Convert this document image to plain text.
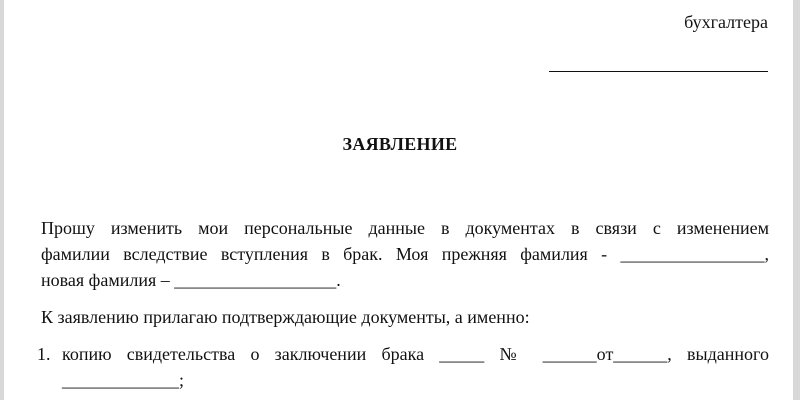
бухгалтера
ЗАЯВЛЕНИЕ

Прошу изменить мои персональные данные в документах в связи с изменением
фамилии вследствие вступления в брак. Моя прежняя фамилия - ________________,
новая фамилия – __________________.

К заявлению прилагаю подтверждающие документы, а именно:

1. копию свидетельства о заключении брака _____ № ______от______, выданного
_____________;
